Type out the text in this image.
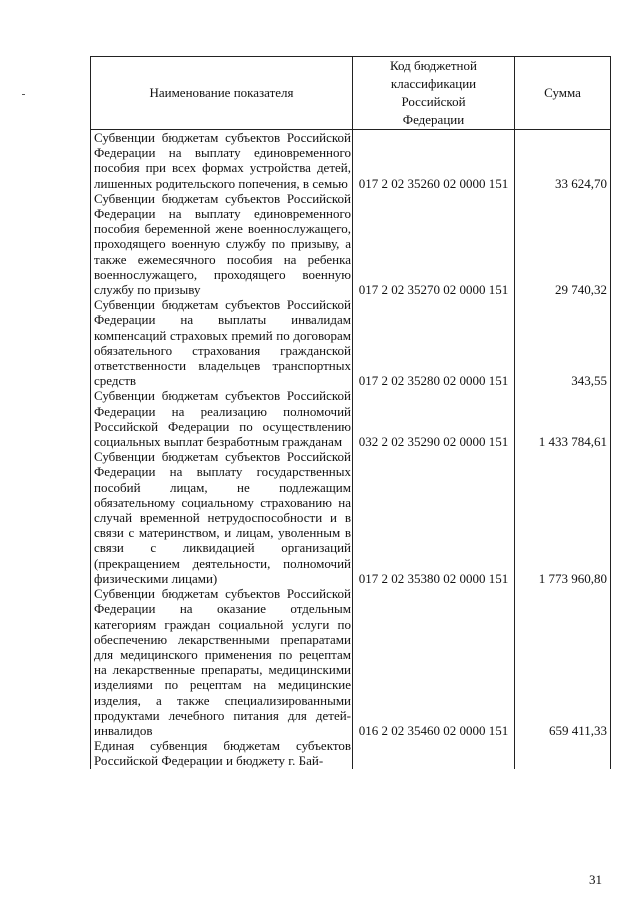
Наименование показателя	Код бюджетной классификации Российской Федерации	Сумма
Субвенции бюджетам субъектов Российской Федерации на выплату единовременного пособия при всех формах устройства детей, лишенных родительского попечения, в семью	017 2 02 35260 02 0000 151	33 624,70
Субвенции бюджетам субъектов Российской Федерации на выплату единовременного пособия беременной жене военнослужащего, проходящего военную службу по призыву, а также ежемесячного пособия на ребенка военнослужащего, проходящего военную службу по призыву	017 2 02 35270 02 0000 151	29 740,32
Субвенции бюджетам субъектов Российской Федерации на выплаты инвалидам компенсаций страховых премий по договорам обязательного страхования гражданской ответственности владельцев транспортных средств	017 2 02 35280 02 0000 151	343,55
Субвенции бюджетам субъектов Российской Федерации на реализацию полномочий Российской Федерации по осуществлению социальных выплат безработным гражданам	032 2 02 35290 02 0000 151	1 433 784,61
Субвенции бюджетам субъектов Российской Федерации на выплату государственных пособий лицам, не подлежащим обязательному социальному страхованию на случай временной нетрудоспособности и в связи с материнством, и лицам, уволенным в связи с ликвидацией организаций (прекращением деятельности, полномочий физическими лицами)	017 2 02 35380 02 0000 151	1 773 960,80
Субвенции бюджетам субъектов Российской Федерации на оказание отдельным категориям граждан социальной услуги по обеспечению лекарственными препаратами для медицинского применения по рецептам на лекарственные препараты, медицинскими изделиями по рецептам на медицинские изделия, а также специализированными продуктами лечебного питания для детей-инвалидов	016 2 02 35460 02 0000 151	659 411,33
Единая субвенция бюджетам субъектов Российской Федерации и бюджету г. Бай-		
31
